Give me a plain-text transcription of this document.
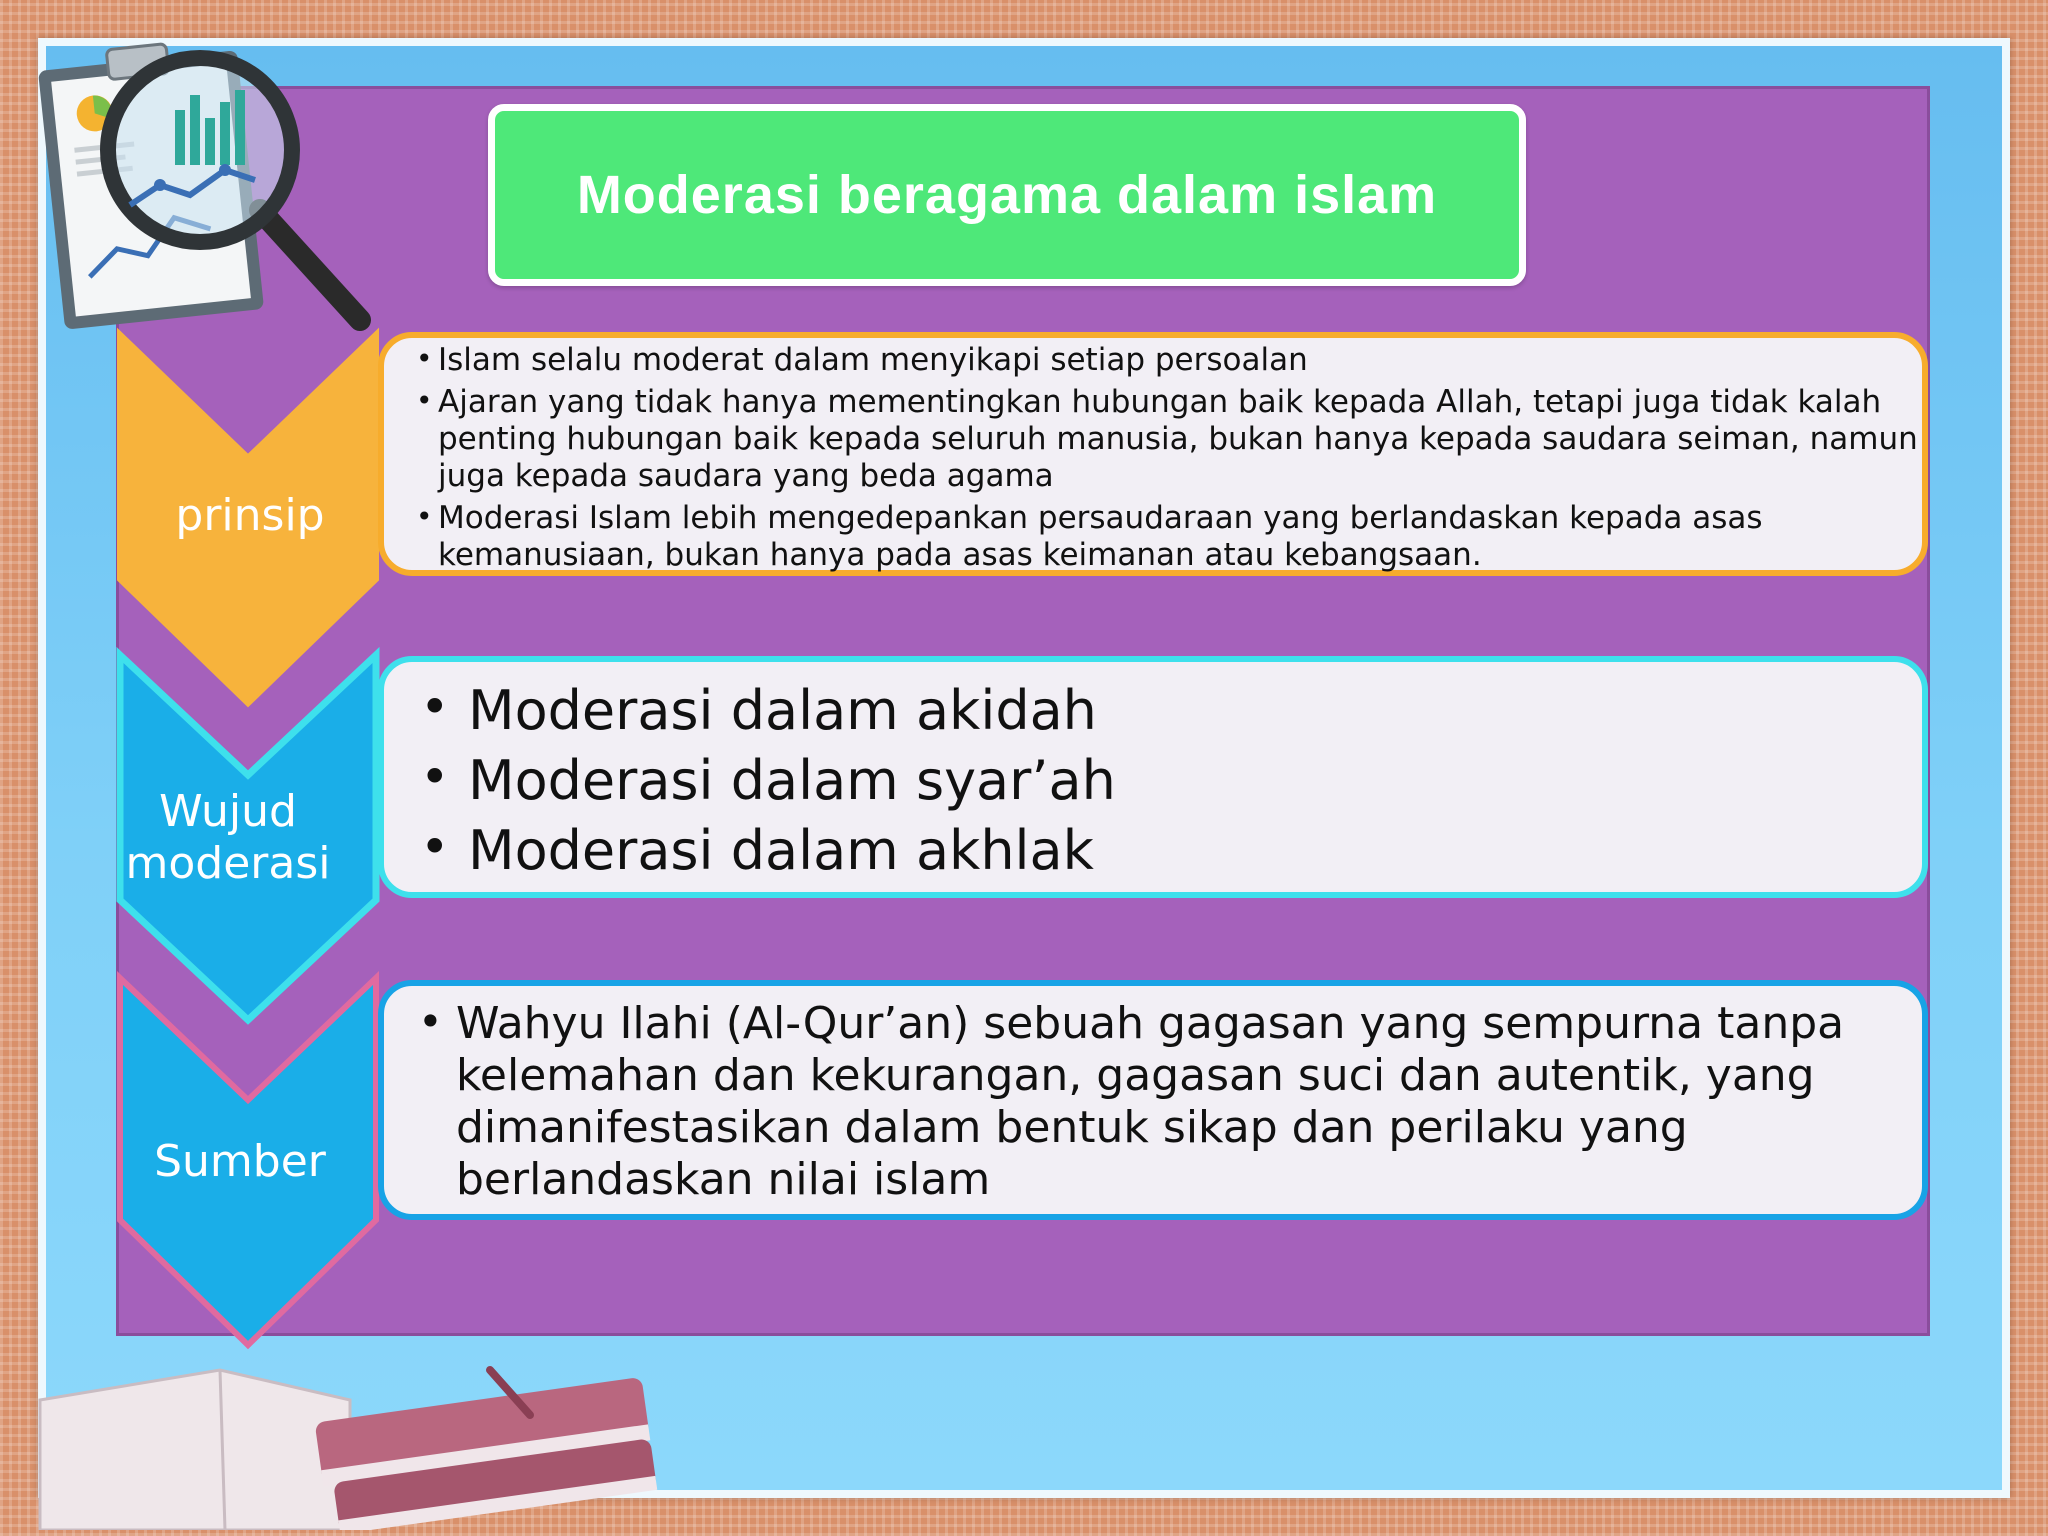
prinsip
Wujud
moderasi
Sumber
Moderasi beragama dalam islam
• Islam selalu moderat dalam menyikapi setiap persoalan
• Ajaran yang tidak hanya mementingkan hubungan baik kepada Allah, tetapi juga tidak kalah penting hubungan baik kepada seluruh manusia, bukan hanya kepada saudara seiman, namun juga kepada saudara yang beda agama
• Moderasi Islam lebih mengedepankan persaudaraan yang berlandaskan kepada asas kemanusiaan, bukan hanya pada asas keimanan atau kebangsaan.
• Moderasi dalam akidah
• Moderasi dalam syar’ah
• Moderasi dalam akhlak
• Wahyu Ilahi (Al-Qur’an) sebuah gagasan yang sempurna tanpa kelemahan dan kekurangan, gagasan suci dan autentik, yang dimanifestasikan dalam bentuk sikap dan perilaku yang berlandaskan nilai islam
